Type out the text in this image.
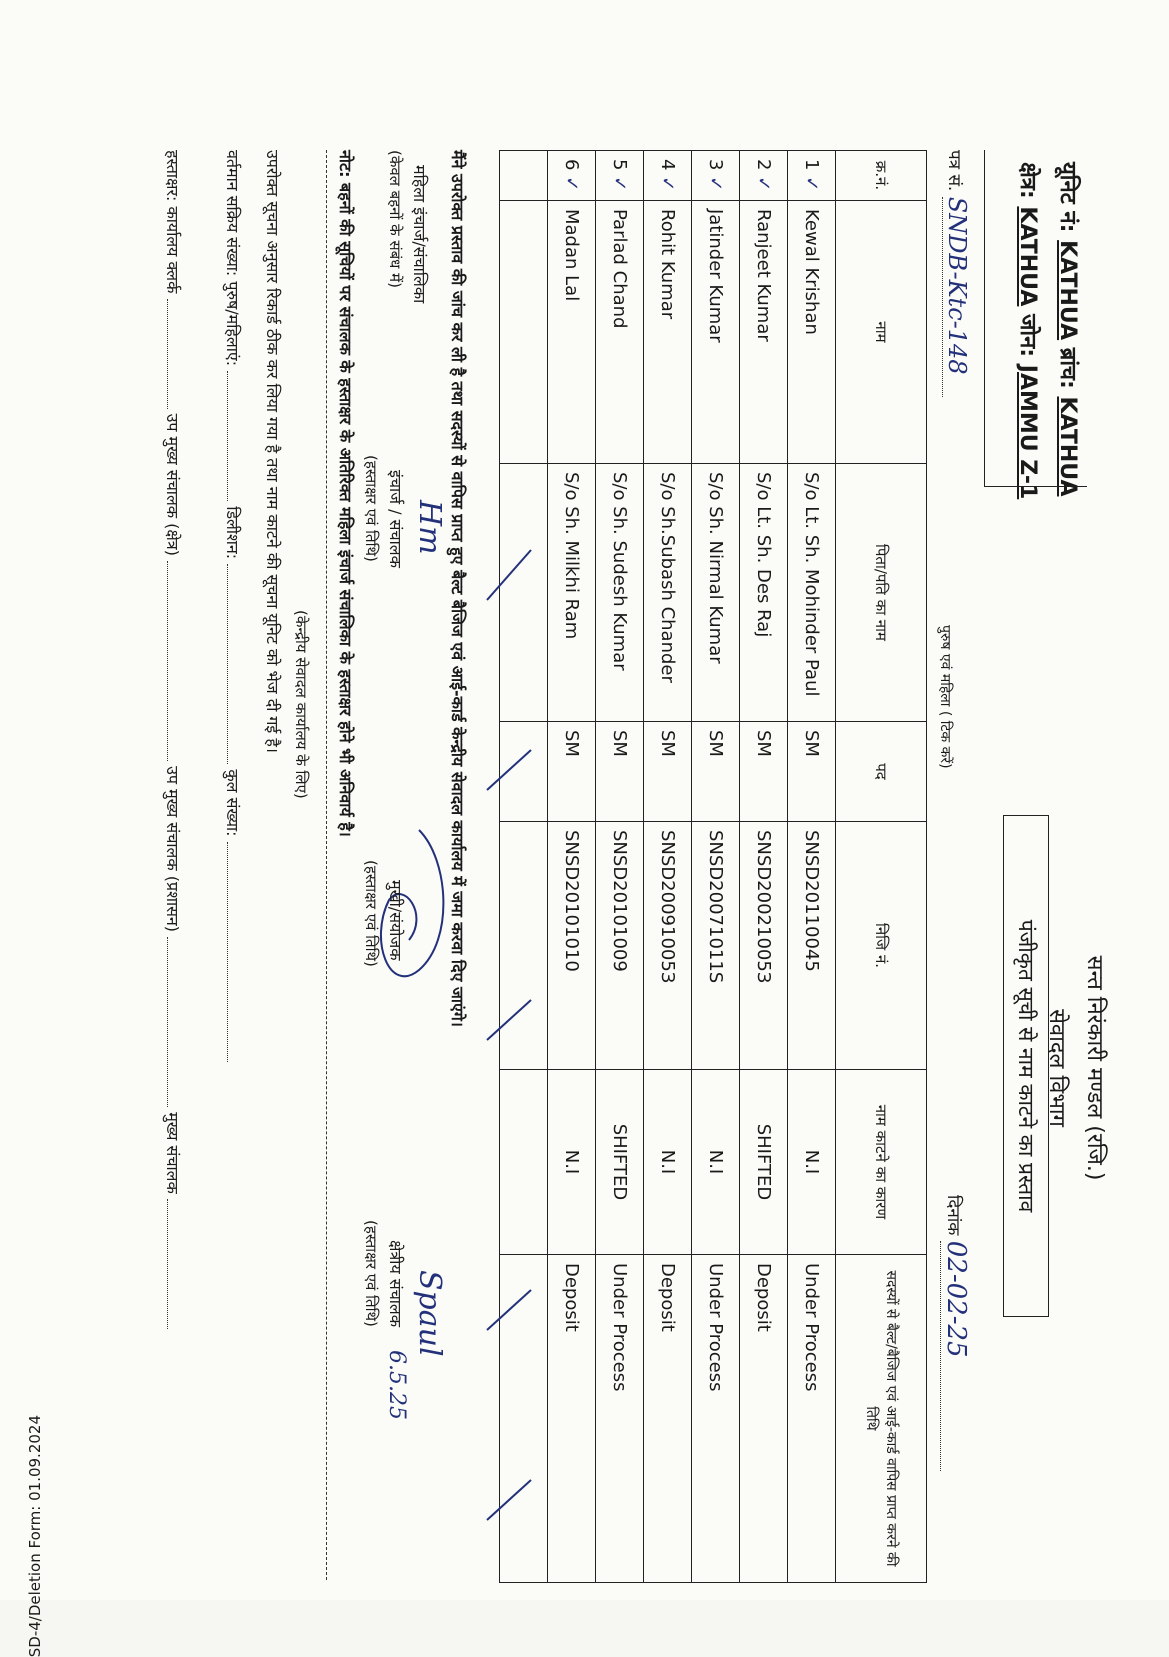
SD-4/Deletion Form: 01.09.2024
यूनिट नं: KATHUA ब्रांच: KATHUA
क्षेत्र: KATHUA जोन: JAMMU Z-1
सन्त निरंकारी मण्डल (रजि.)
सेवादल विभाग
पंजीकृत सूची से नाम काटने का प्रस्ताव
पत्र सं. SNDB-Ktc-148
पुरुष एवं महिला ( टिक करें)
दिनांक 02-02-25
क्र.नं.	नाम	पिता/पति का नाम	पद	निजि नं.	नाम काटने का कारण	सदस्यों से बैल्ट/बैजिज एवं आई-कार्ड वापिस प्राप्त करने की तिथि
1 ✓	Kewal Krishan	S/o Lt. Sh. Mohinder Paul	SM	SNSD20110045	N.I	Under Process
2 ✓	Ranjeet Kumar	S/o Lt. Sh. Des Raj	SM	SNSD20021005З	SHIFTED	Deposit
3 ✓	Jatinder Kumar	S/o Sh. Nirmal Kumar	SM	SNSD20071011S	N.I	Under Process
4 ✓	Rohit Kumar	S/o Sh.Subash Chander	SM	SNSD20091005З	N.I	Deposit
5 ✓	Parlad Chand	S/o Sh. Sudesh Kumar	SM	SNSD20101009	SHIFTED	Under Process
6 ✓	Madan Lal	S/o Sh. Milkhi Ram	SM	SNSD20101010	N.I	Deposit

मैंने उपरोक्त प्रस्ताव की जांच कर ली है तथा सदस्यों से वापिस प्राप्त हुए बैल्ट बैजिज एवं आई-कार्ड केन्द्रीय सेवादल कार्यालय में जमा करवा दिए जाएंगे।
महिला इंचार्ज/संचालिका
(केवल बहनों के संबंध में)
Hm
इंचार्ज / संचालक
(हस्ताक्षर एवं तिथि)
मुखी/संयोजक
(हस्ताक्षर एवं तिथि)
Spaul
6.5.25
क्षेत्रीय संचालक
(हस्ताक्षर एवं तिथि)
नोट: बहनों की सूचियों पर संचालक के हस्ताक्षर के अतिरिक्त महिला इंचार्ज संचालिका के हस्ताक्षर होने भी अनिवार्य है।
(केन्द्रीय सेवादल कार्यालय के लिए)
उपरोक्त सूचना अनुसार रिकार्ड ठीक कर लिया गया है तथा नाम काटने की सूचना यूनिट को भेज दी गई है।
वर्तमान सक्रिय संख्या: पुरुष/महिलाएं:  डिलीशन:  कुल संख्या:
हस्ताक्षर: कार्यालय क्लर्क  उप मुख्य संचालक (क्षेत्र)  उप मुख्य संचालक (प्रशासन)  मुख्य संचालक
